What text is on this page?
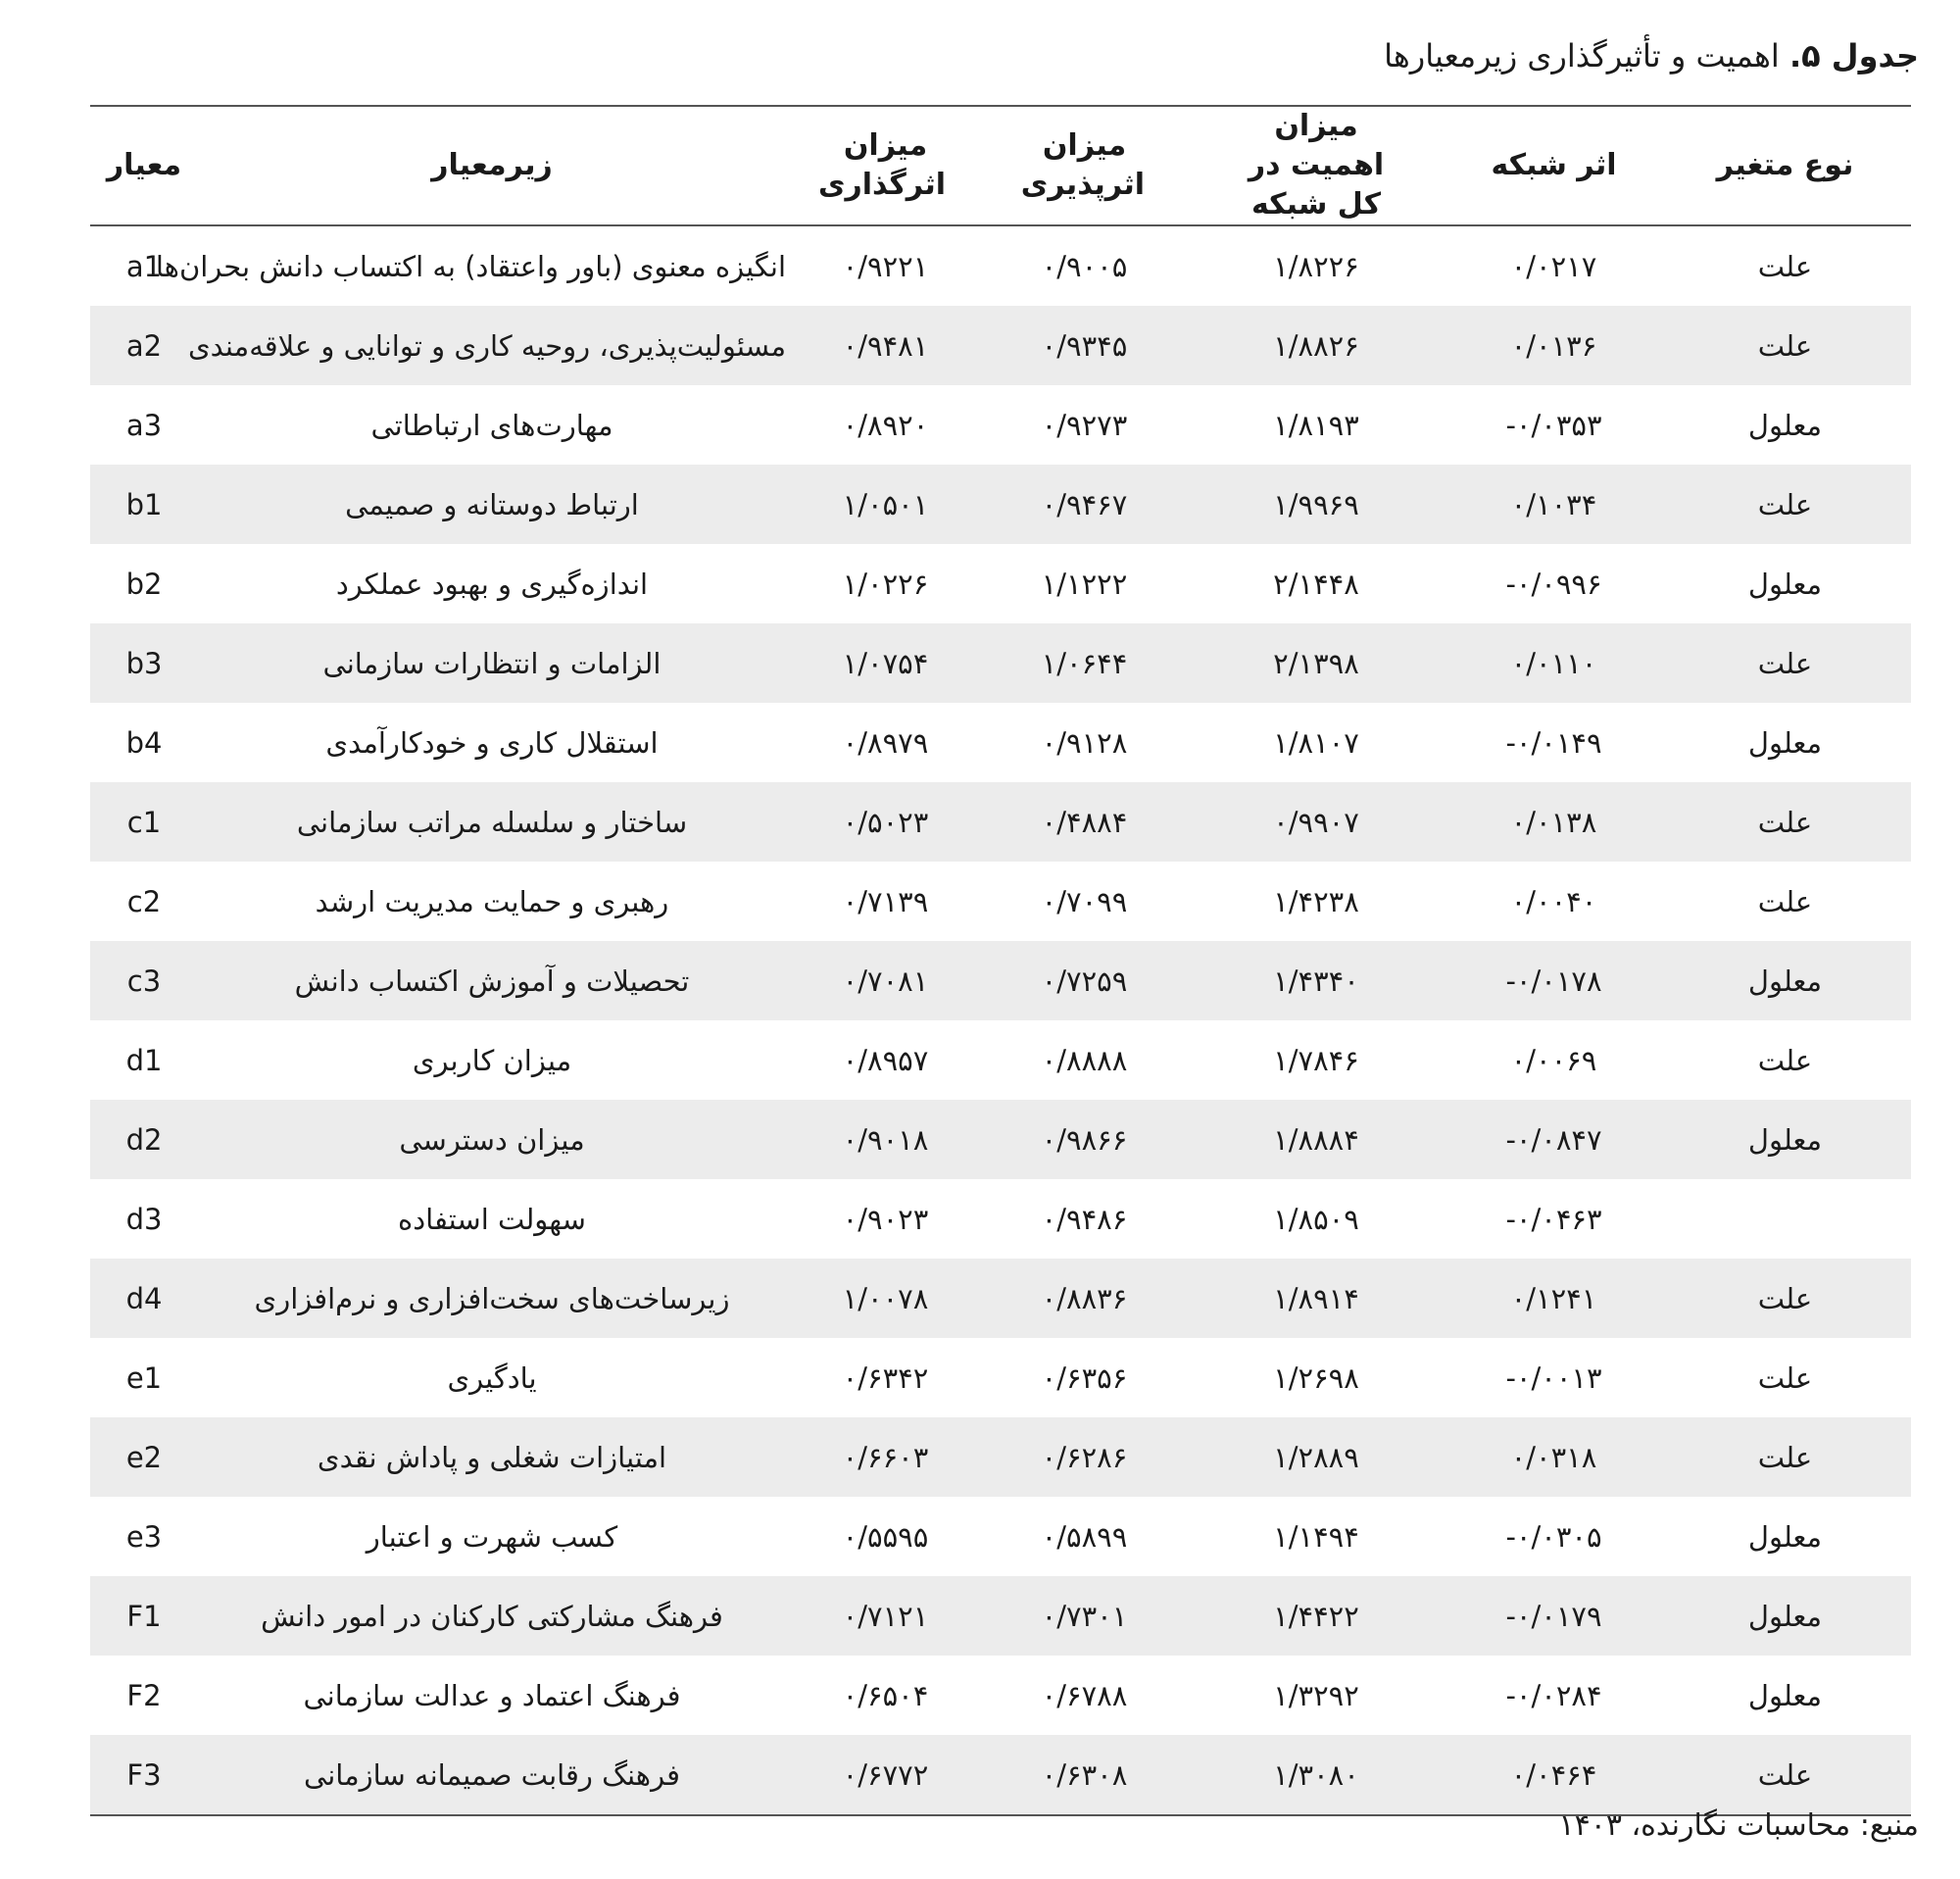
جدول ۵. اهمیت و تأثیرگذاری زیرمعیارها
معیار	زیرمعیار	میزان اثرگذاری	میزان اثرپذیری	میزان اهمیت در کل شبکه	اثر شبکه	نوع متغیر
a1	انگیزه معنوی (باور واعتقاد) به اکتساب دانش بحران‌ها	۰/۹۲۲۱	۰/۹۰۰۵	۱/۸۲۲۶	۰/۰۲۱۷	علت
a2	مسئولیت‌پذیری، روحیه کاری و توانایی و علاقه‌مندی	۰/۹۴۸۱	۰/۹۳۴۵	۱/۸۸۲۶	۰/۰۱۳۶	علت
a3	مهارت‌های ارتباطاتی	۰/۸۹۲۰	۰/۹۲۷۳	۱/۸۱۹۳	-۰/۰۳۵۳	معلول
b1	ارتباط دوستانه و صمیمی	۱/۰۵۰۱	۰/۹۴۶۷	۱/۹۹۶۹	۰/۱۰۳۴	علت
b2	اندازه‌گیری و بهبود عملکرد	۱/۰۲۲۶	۱/۱۲۲۲	۲/۱۴۴۸	-۰/۰۹۹۶	معلول
b3	الزامات و انتظارات سازمانی	۱/۰۷۵۴	۱/۰۶۴۴	۲/۱۳۹۸	۰/۰۱۱۰	علت
b4	استقلال کاری و خودکارآمدی	۰/۸۹۷۹	۰/۹۱۲۸	۱/۸۱۰۷	-۰/۰۱۴۹	معلول
c1	ساختار و سلسله مراتب سازمانی	۰/۵۰۲۳	۰/۴۸۸۴	۰/۹۹۰۷	۰/۰۱۳۸	علت
c2	رهبری و حمایت مدیریت ارشد	۰/۷۱۳۹	۰/۷۰۹۹	۱/۴۲۳۸	۰/۰۰۴۰	علت
c3	تحصیلات و آموزش اکتساب دانش	۰/۷۰۸۱	۰/۷۲۵۹	۱/۴۳۴۰	-۰/۰۱۷۸	معلول
d1	میزان کاربری	۰/۸۹۵۷	۰/۸۸۸۸	۱/۷۸۴۶	۰/۰۰۶۹	علت
d2	میزان دسترسی	۰/۹۰۱۸	۰/۹۸۶۶	۱/۸۸۸۴	-۰/۰۸۴۷	معلول
d3	سهولت استفاده	۰/۹۰۲۳	۰/۹۴۸۶	۱/۸۵۰۹	-۰/۰۴۶۳	
d4	زیرساخت‌های سخت‌افزاری و نرم‌افزاری	۱/۰۰۷۸	۰/۸۸۳۶	۱/۸۹۱۴	۰/۱۲۴۱	علت
e1	یادگیری	۰/۶۳۴۲	۰/۶۳۵۶	۱/۲۶۹۸	-۰/۰۰۱۳	علت
e2	امتیازات شغلی و پاداش نقدی	۰/۶۶۰۳	۰/۶۲۸۶	۱/۲۸۸۹	۰/۰۳۱۸	علت
e3	کسب شهرت و اعتبار	۰/۵۵۹۵	۰/۵۸۹۹	۱/۱۴۹۴	-۰/۰۳۰۵	معلول
F1	فرهنگ مشارکتی کارکنان در امور دانش	۰/۷۱۲۱	۰/۷۳۰۱	۱/۴۴۲۲	-۰/۰۱۷۹	معلول
F2	فرهنگ اعتماد و عدالت سازمانی	۰/۶۵۰۴	۰/۶۷۸۸	۱/۳۲۹۲	-۰/۰۲۸۴	معلول
F3	فرهنگ رقابت صمیمانه سازمانی	۰/۶۷۷۲	۰/۶۳۰۸	۱/۳۰۸۰	۰/۰۴۶۴	علت
منبع: محاسبات نگارنده، ۱۴۰۳
